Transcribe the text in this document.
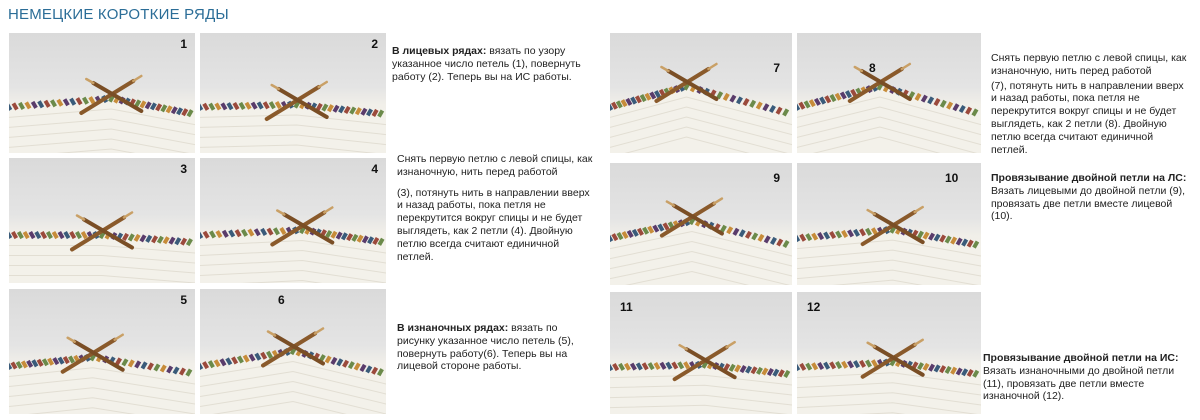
НЕМЕЦКИЕ КОРОТКИЕ РЯДЫ
1	2
3	4
5	6

В лицевых рядах: вязать по узору указанное число петель (1), повернуть работу (2). Теперь вы на ИС работы.

Снять первую петлю с левой спицы, как изнаночную, нить перед работой

(3), потянуть нить в направлении вверх и назад работы, пока петля не перекрутится вокруг спицы и не будет выглядеть, как 2 петли (4). Двойную петлю всегда считают единичной петлей.

В изнаночных рядах: вязать по рисунку указанное число петель (5), повернуть работу(6). Теперь вы на лицевой стороне работы.

7	8
9	10
11	12

Снять первую петлю с левой спицы, как изнаночную, нить перед работой

(7), потянуть нить в направлении вверх и назад работы, пока петля не перекрутится вокруг спицы и не будет выглядеть, как 2 петли (8). Двойную петлю всегда считают единичной петлей.

Провязывание двойной петли на ЛС: Вязать лицевыми до двойной петли (9), провязать две петли вместе лицевой (10).

Провязывание двойной петли на ИС: Вязать изнаночными до двойной петли (11), провязать две петли вместе изнаночной (12).
